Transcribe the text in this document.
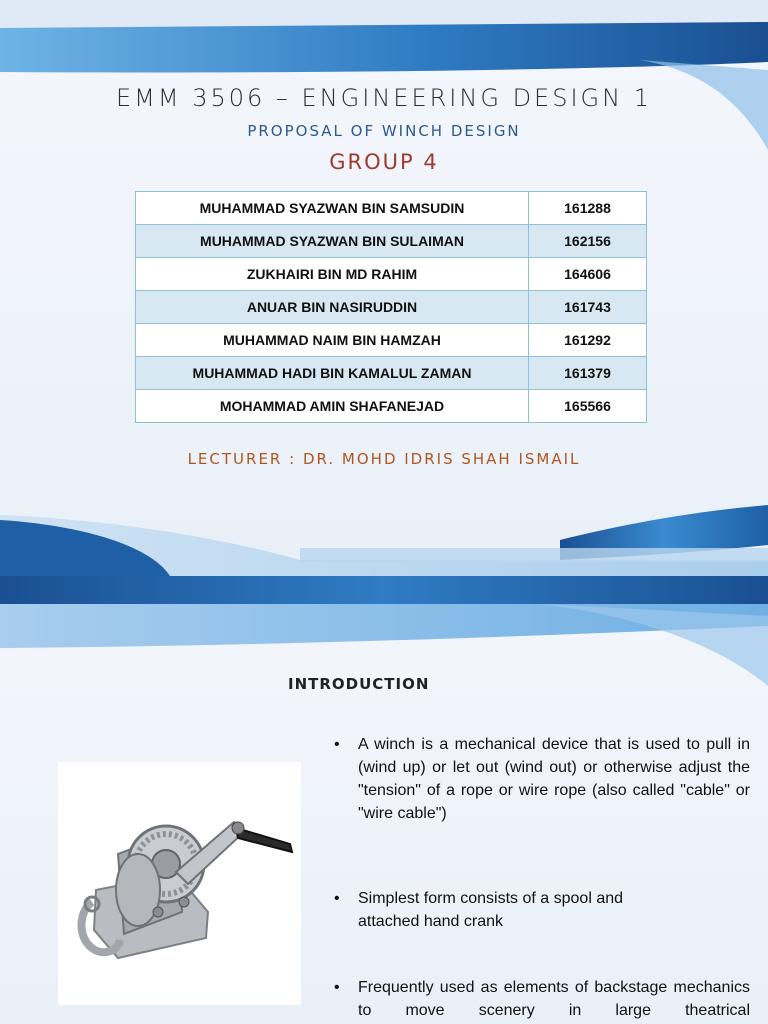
EMM 3506 – ENGINEERING DESIGN 1
PROPOSAL OF WINCH DESIGN
GROUP 4
MUHAMMAD SYAZWAN BIN SAMSUDIN	161288
MUHAMMAD SYAZWAN BIN SULAIMAN	162156
ZUKHAIRI BIN MD RAHIM	164606
ANUAR BIN NASIRUDDIN	161743
MUHAMMAD NAIM BIN HAMZAH	161292
MUHAMMAD HADI BIN KAMALUL ZAMAN	161379
MOHAMMAD AMIN SHAFANEJAD	165566
LECTURER : DR. MOHD IDRIS SHAH ISMAIL
INTRODUCTION
•	A winch is a mechanical device that is used to pull in (wind up) or let out (wind out) or otherwise adjust the "tension" of a rope or wire rope (also called "cable" or "wire cable")
•	Simplest form consists of a spool and attached hand crank
•	Frequently used as elements of backstage mechanics to move scenery in large theatrical
